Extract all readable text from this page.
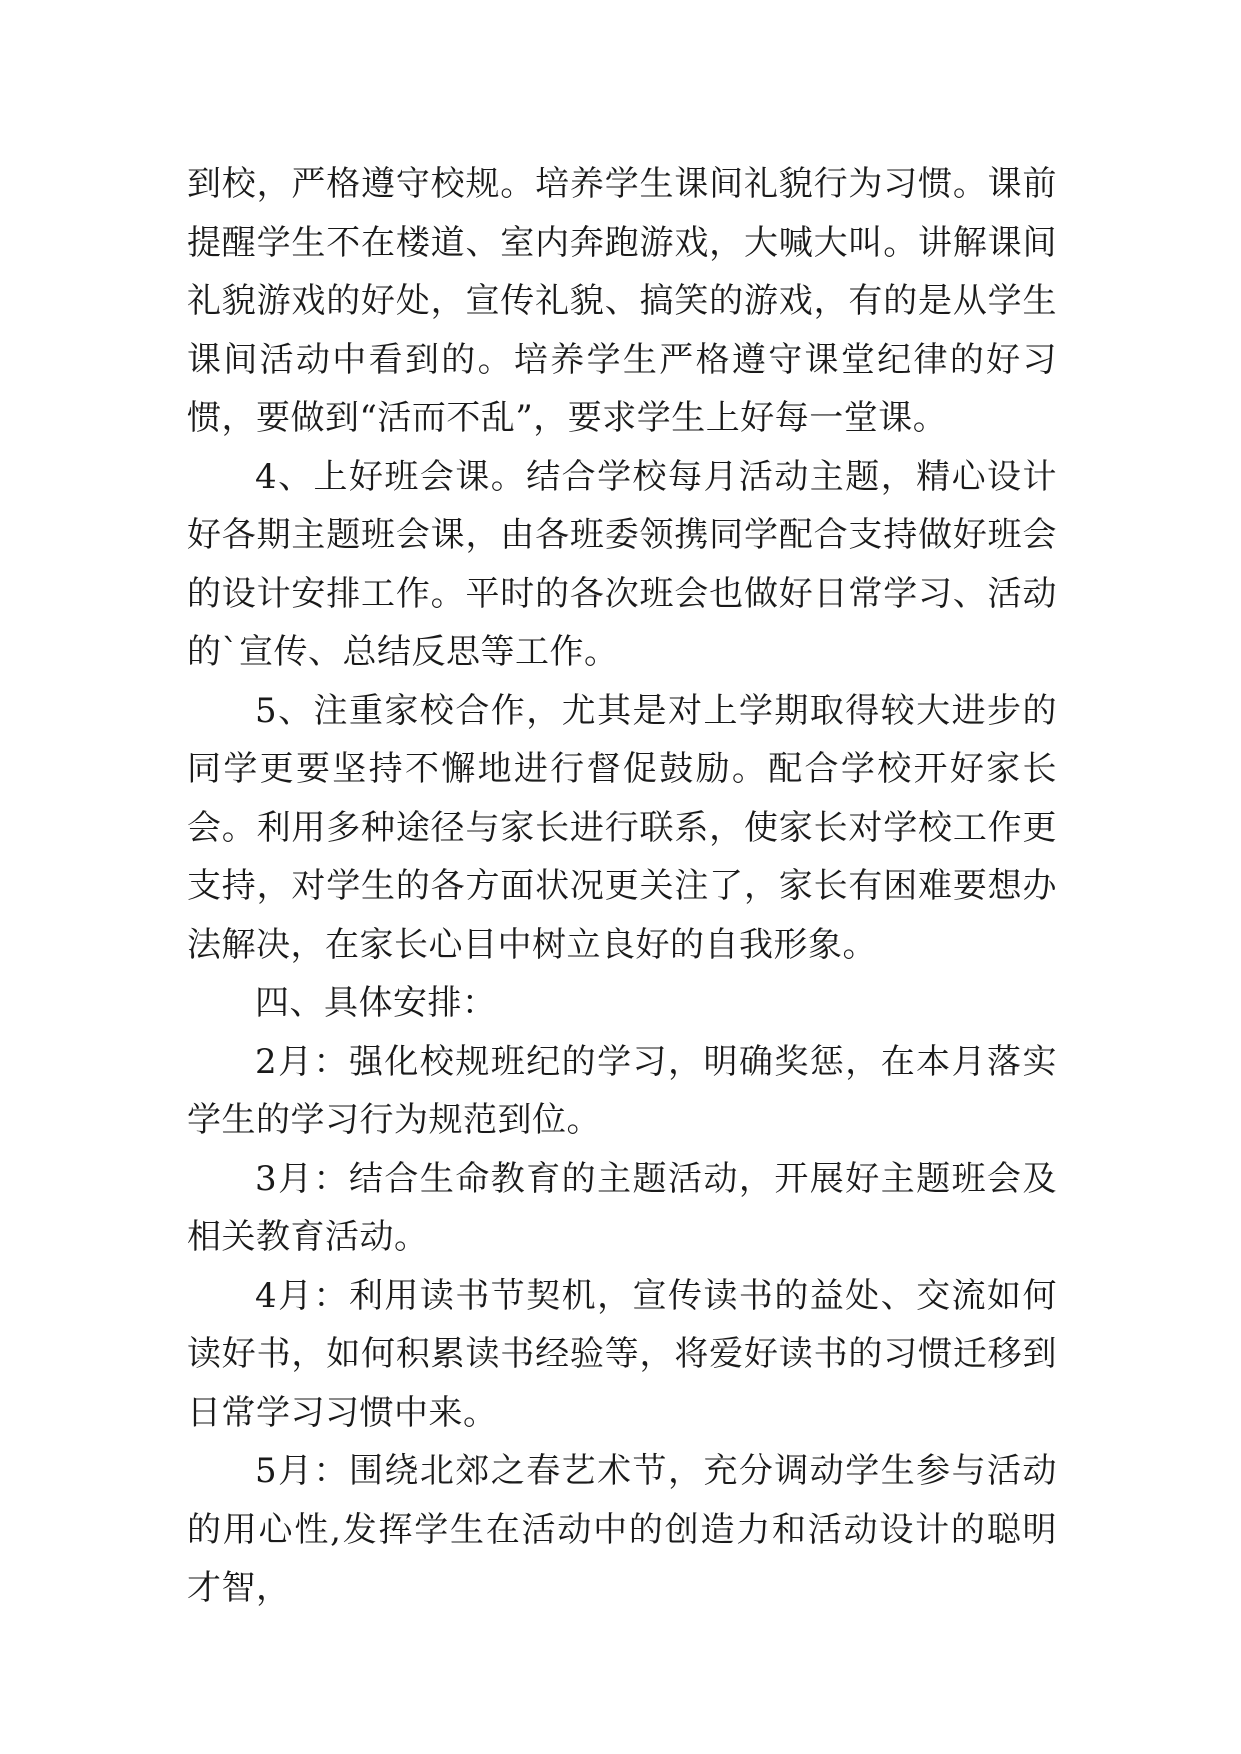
到校，严格遵守校规。培养学生课间礼貌行为习惯。课前提醒学生不在楼道、室内奔跑游戏，大喊大叫。讲解课间礼貌游戏的好处，宣传礼貌、搞笑的游戏，有的是从学生课间活动中看到的。培养学生严格遵守课堂纪律的好习惯，要做到“活而不乱”，要求学生上好每一堂课。

4、上好班会课。结合学校每月活动主题，精心设计好各期主题班会课，由各班委领携同学配合支持做好班会的设计安排工作。平时的各次班会也做好日常学习、活动的`宣传、总结反思等工作。

5、注重家校合作，尤其是对上学期取得较大进步的同学更要坚持不懈地进行督促鼓励。配合学校开好家长会。利用多种途径与家长进行联系，使家长对学校工作更支持，对学生的各方面状况更关注了，家长有困难要想办法解决，在家长心目中树立良好的自我形象。

四、具体安排：

2月：强化校规班纪的学习，明确奖惩，在本月落实学生的学习行为规范到位。

3月：结合生命教育的主题活动，开展好主题班会及相关教育活动。

4月：利用读书节契机，宣传读书的益处、交流如何读好书，如何积累读书经验等，将爱好读书的习惯迁移到日常学习习惯中来。

5月：围绕北郊之春艺术节，充分调动学生参与活动的用心性,发挥学生在活动中的创造力和活动设计的聪明才智，
